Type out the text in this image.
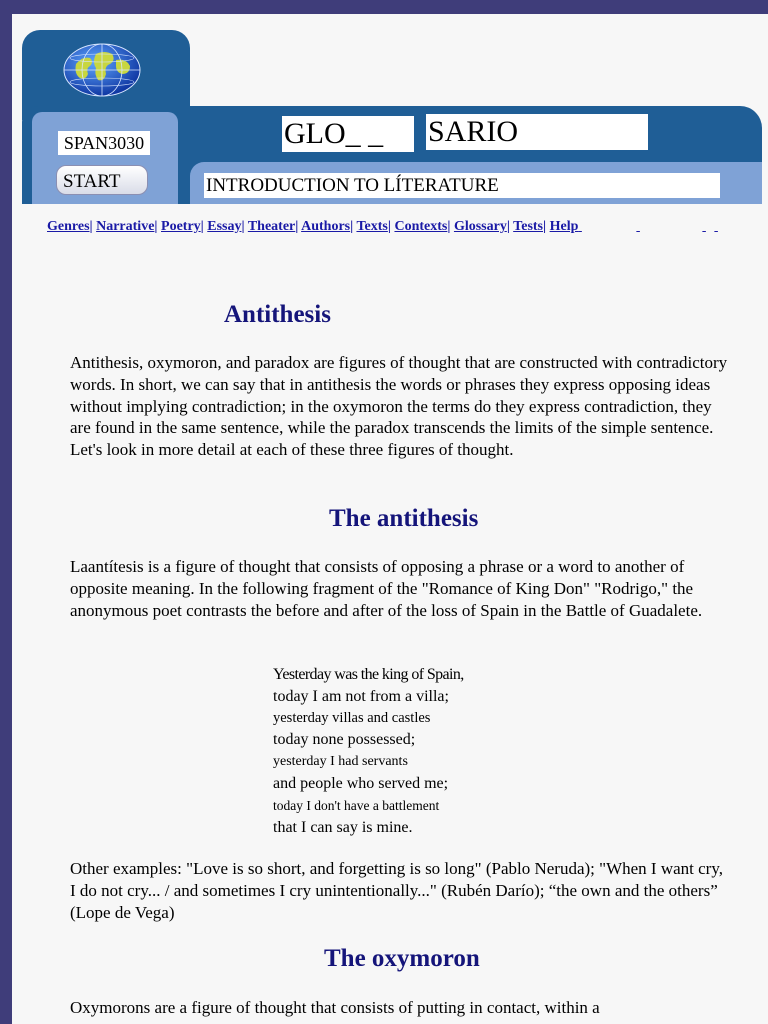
SPAN3030
START
GLO_ _	SARIO
INTRODUCTION TO LÍTERATURE
Genres| Narrative| Poetry| Essay| Theater| Authors| Texts| Contexts| Glossary| Tests| Help
Antithesis

Antithesis, oxymoron, and paradox are figures of thought that are constructed with contradictory words. In short, we can say that in antithesis the words or phrases they express opposing ideas without implying contradiction; in the oxymoron the terms do they express contradiction, they are found in the same sentence, while the paradox transcends the limits of the simple sentence. Let's look in more detail at each of these three figures of thought.

The antithesis

Laantítesis is a figure of thought that consists of opposing a phrase or a word to another of opposite meaning. In the following fragment of the "Romance of King Don" "Rodrigo," the anonymous poet contrasts the before and after of the loss of Spain in the Battle of Guadalete.

Yesterday was the king of Spain,
today I am not from a villa;
yesterday villas and castles
today none possessed;
yesterday I had servants
and people who served me;
today I don't have a battlement
that I can say is mine.

Other examples: "Love is so short, and forgetting is so long" (Pablo Neruda); "When I want cry, I do not cry... / and sometimes I cry unintentionally..." (Rubén Darío); “the own and the others” (Lope de Vega)

The oxymoron

Oxymorons are a figure of thought that consists of putting in contact, within a
